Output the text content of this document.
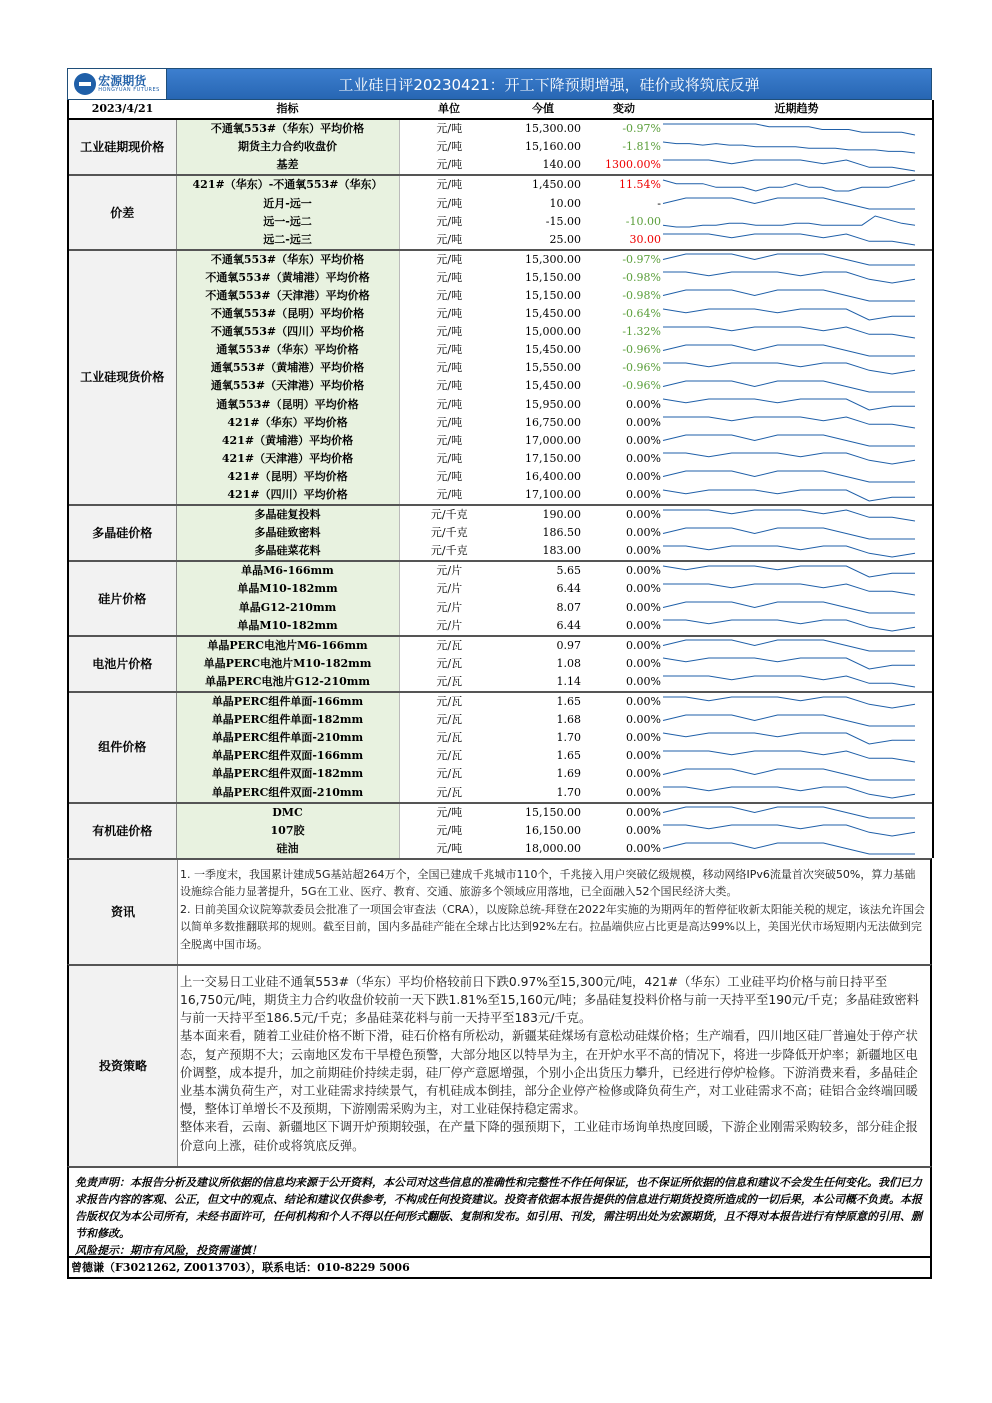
宏源期货
HONGYUAN FUTURES	工业硅日评20230421：开工下降预期增强，硅价或将筑底反弹
2023/4/21	指标	单位	今值	变动	近期趋势
工业硅期现价格	不通氧553#（华东）平均价格	元/吨	15,300.00	-0.97%	

	期货主力合约收盘价	元/吨	15,160.00	-1.81%	

	基差	元/吨	140.00	1300.00%	

价差	421#（华东）-不通氧553#（华东）	元/吨	1,450.00	11.54%	

	近月-远一	元/吨	10.00	-	

	远一-远二	元/吨	-15.00	-10.00	

	远二-远三	元/吨	25.00	30.00	

工业硅现货价格	不通氧553#（华东）平均价格	元/吨	15,300.00	-0.97%	

	不通氧553#（黄埔港）平均价格	元/吨	15,150.00	-0.98%	

	不通氧553#（天津港）平均价格	元/吨	15,150.00	-0.98%	

	不通氧553#（昆明）平均价格	元/吨	15,450.00	-0.64%	

	不通氧553#（四川）平均价格	元/吨	15,000.00	-1.32%	

	通氧553#（华东）平均价格	元/吨	15,450.00	-0.96%	

	通氧553#（黄埔港）平均价格	元/吨	15,550.00	-0.96%	

	通氧553#（天津港）平均价格	元/吨	15,450.00	-0.96%	

	通氧553#（昆明）平均价格	元/吨	15,950.00	0.00%	

	421#（华东）平均价格	元/吨	16,750.00	0.00%	

	421#（黄埔港）平均价格	元/吨	17,000.00	0.00%	

	421#（天津港）平均价格	元/吨	17,150.00	0.00%	

	421#（昆明）平均价格	元/吨	16,400.00	0.00%	

	421#（四川）平均价格	元/吨	17,100.00	0.00%	

多晶硅价格	多晶硅复投料	元/千克	190.00	0.00%	

	多晶硅致密料	元/千克	186.50	0.00%	

	多晶硅菜花料	元/千克	183.00	0.00%	

硅片价格	单晶M6-166mm	元/片	5.65	0.00%	

	单晶M10-182mm	元/片	6.44	0.00%	

	单晶G12-210mm	元/片	8.07	0.00%	

	单晶M10-182mm	元/片	6.44	0.00%	

电池片价格	单晶PERC电池片M6-166mm	元/瓦	0.97	0.00%	

	单晶PERC电池片M10-182mm	元/瓦	1.08	0.00%	

	单晶PERC电池片G12-210mm	元/瓦	1.14	0.00%	

组件价格	单晶PERC组件单面-166mm	元/瓦	1.65	0.00%	

	单晶PERC组件单面-182mm	元/瓦	1.68	0.00%	

	单晶PERC组件单面-210mm	元/瓦	1.70	0.00%	

	单晶PERC组件双面-166mm	元/瓦	1.65	0.00%	

	单晶PERC组件双面-182mm	元/瓦	1.69	0.00%	

	单晶PERC组件双面-210mm	元/瓦	1.70	0.00%	

有机硅价格	DMC	元/吨	15,150.00	0.00%	

	107胶	元/吨	16,150.00	0.00%	

	硅油	元/吨	18,000.00	0.00%	
资讯

1. 一季度末，我国累计建成5G基站超264万个，全国已建成千兆城市110个，千兆接入用户突破亿级规模，移动网络IPv6流量首次突破50%，算力基础设施综合能力显著提升，5G在工业、医疗、教育、交通、旅游多个领域应用落地，已全面融入52个国民经济大类。

2. 日前美国众议院筹款委员会批准了一项国会审查法（CRA），以废除总统-拜登在2022年实施的为期两年的暂停征收新太阳能关税的规定，该法允许国会以简单多数推翻联邦的规则。截至目前，国内多晶硅产能在全球占比达到92%左右。拉晶端供应占比更是高达99%以上，美国光伏市场短期内无法做到完全脱离中国市场。

投资策略

上一交易日工业硅不通氧553#（华东）平均价格较前日下跌0.97%至15,300元/吨，421#（华东）工业硅平均价格与前日持平至16,750元/吨，期货主力合约收盘价较前一天下跌1.81%至15,160元/吨；多晶硅复投料价格与前一天持平至190元/千克；多晶硅致密料与前一天持平至186.5元/千克；多晶硅菜花料与前一天持平至183元/千克。

基本面来看，随着工业硅价格不断下滑，硅石价格有所松动，新疆某硅煤场有意松动硅煤价格；生产端看，四川地区硅厂普遍处于停产状态，复产预期不大；云南地区发布干旱橙色预警，大部分地区以特旱为主，在开炉水平不高的情况下，将进一步降低开炉率；新疆地区电价调整，成本提升，加之前期硅价持续走弱，硅厂停产意愿增强，个别小企出货压力攀升，已经进行停炉检修。下游消费来看，多晶硅企业基本满负荷生产，对工业硅需求持续景气，有机硅成本倒挂，部分企业停产检修或降负荷生产，对工业硅需求不高；硅铝合金终端回暖慢，整体订单增长不及预期，下游刚需采购为主，对工业硅保持稳定需求。

整体来看，云南、新疆地区下调开炉预期较强，在产量下降的强预期下，工业硅市场询单热度回暖，下游企业刚需采购较多，部分硅企报价意向上涨，硅价或将筑底反弹。

免责声明：本报告分析及建议所依据的信息均来源于公开资料，本公司对这些信息的准确性和完整性不作任何保证，也不保证所依据的信息和建议不会发生任何变化。我们已力求报告内容的客观、公正，但文中的观点、结论和建议仅供参考，不构成任何投资建议。投资者依据本报告提供的信息进行期货投资所造成的一切后果，本公司概不负责。本报告版权仅为本公司所有，未经书面许可，任何机构和个人不得以任何形式翻版、复制和发布。如引用、刊发，需注明出处为宏源期货，且不得对本报告进行有悖原意的引用、删节和修改。
风险提示：期市有风险，投资需谨慎！
曾德谦（F3021262, Z0013703），联系电话：010-8229 5006
